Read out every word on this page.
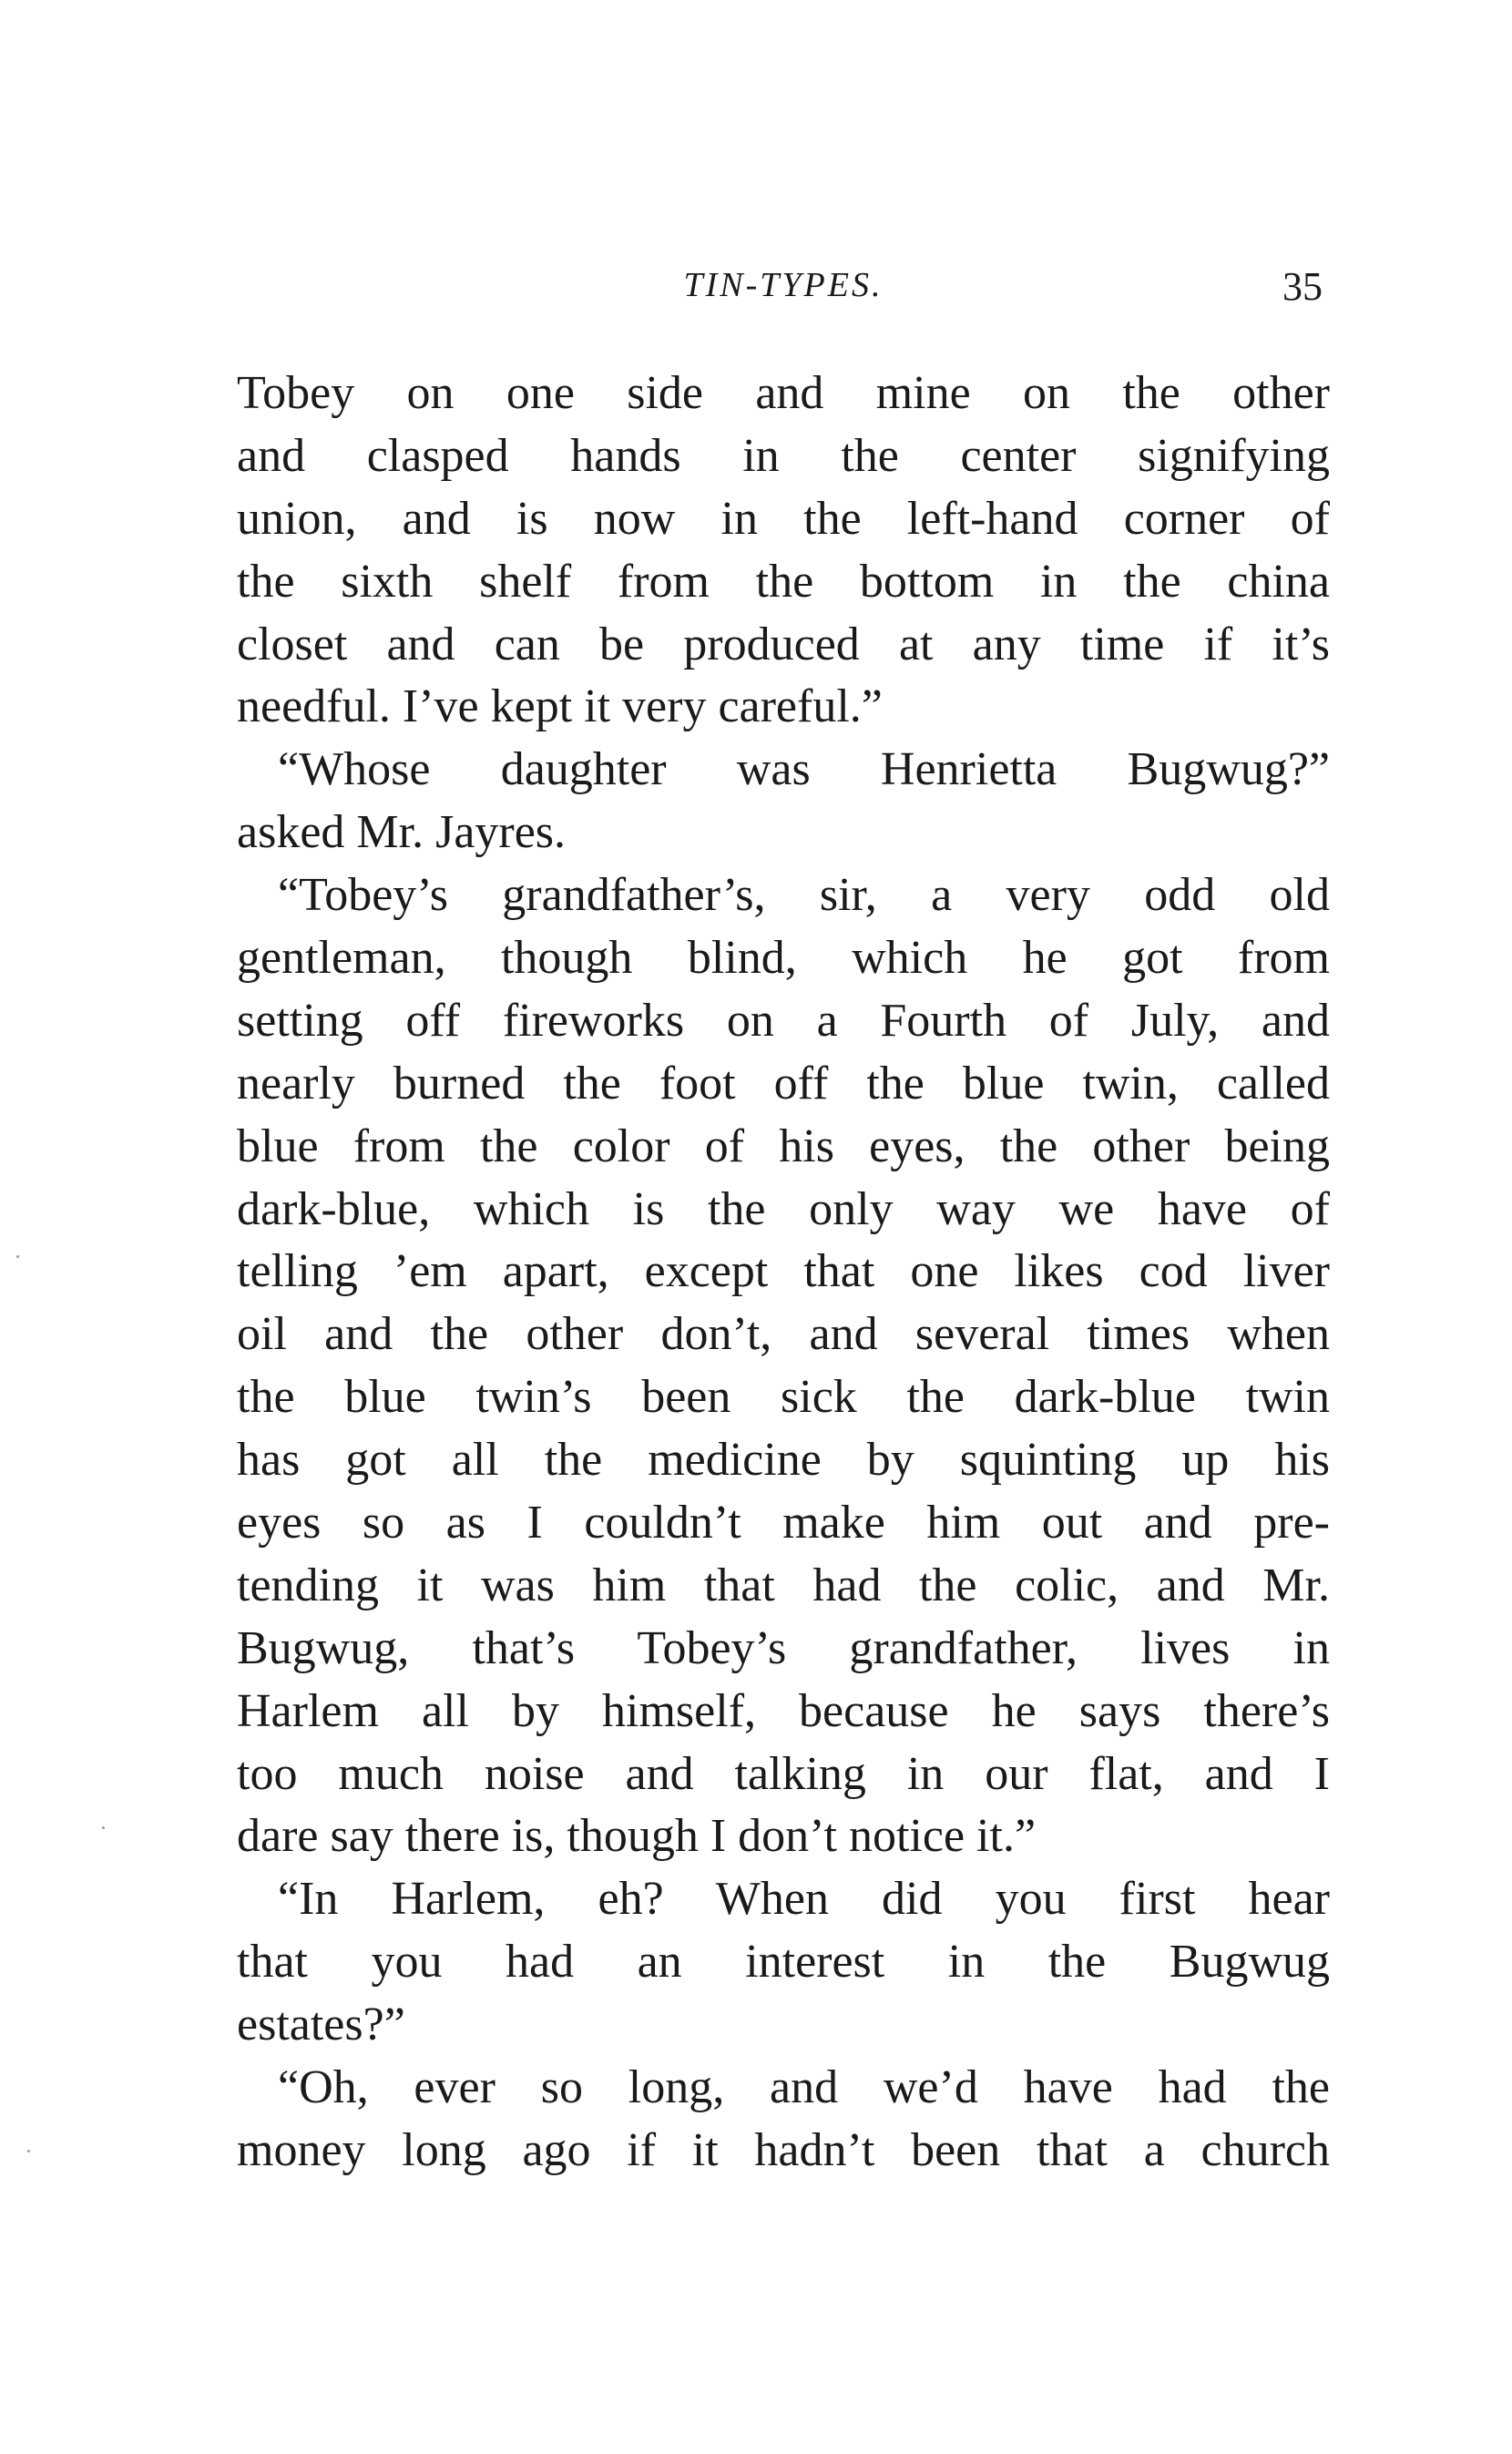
TIN-TYPES.	35
Tobey on one side and mine on the other
and clasped hands in the center signifying
union, and is now in the left-hand corner of
the sixth shelf from the bottom in the china
closet and can be produced at any time if it’s
needful. I’ve kept it very careful.”
“Whose daughter was Henrietta Bugwug?”
asked Mr. Jayres.
“Tobey’s grandfather’s, sir, a very odd old
gentleman, though blind, which he got from
setting off fireworks on a Fourth of July, and
nearly burned the foot off the blue twin, called
blue from the color of his eyes, the other being
dark-blue, which is the only way we have of
telling ’em apart, except that one likes cod liver
oil and the other don’t, and several times when
the blue twin’s been sick the dark-blue twin
has got all the medicine by squinting up his
eyes so as I couldn’t make him out and pre-
tending it was him that had the colic, and Mr.
Bugwug, that’s Tobey’s grandfather, lives in
Harlem all by himself, because he says there’s
too much noise and talking in our flat, and I
dare say there is, though I don’t notice it.”
“In Harlem, eh? When did you first hear
that you had an interest in the Bugwug
estates?”
“Oh, ever so long, and we’d have had the
money long ago if it hadn’t been that a church
